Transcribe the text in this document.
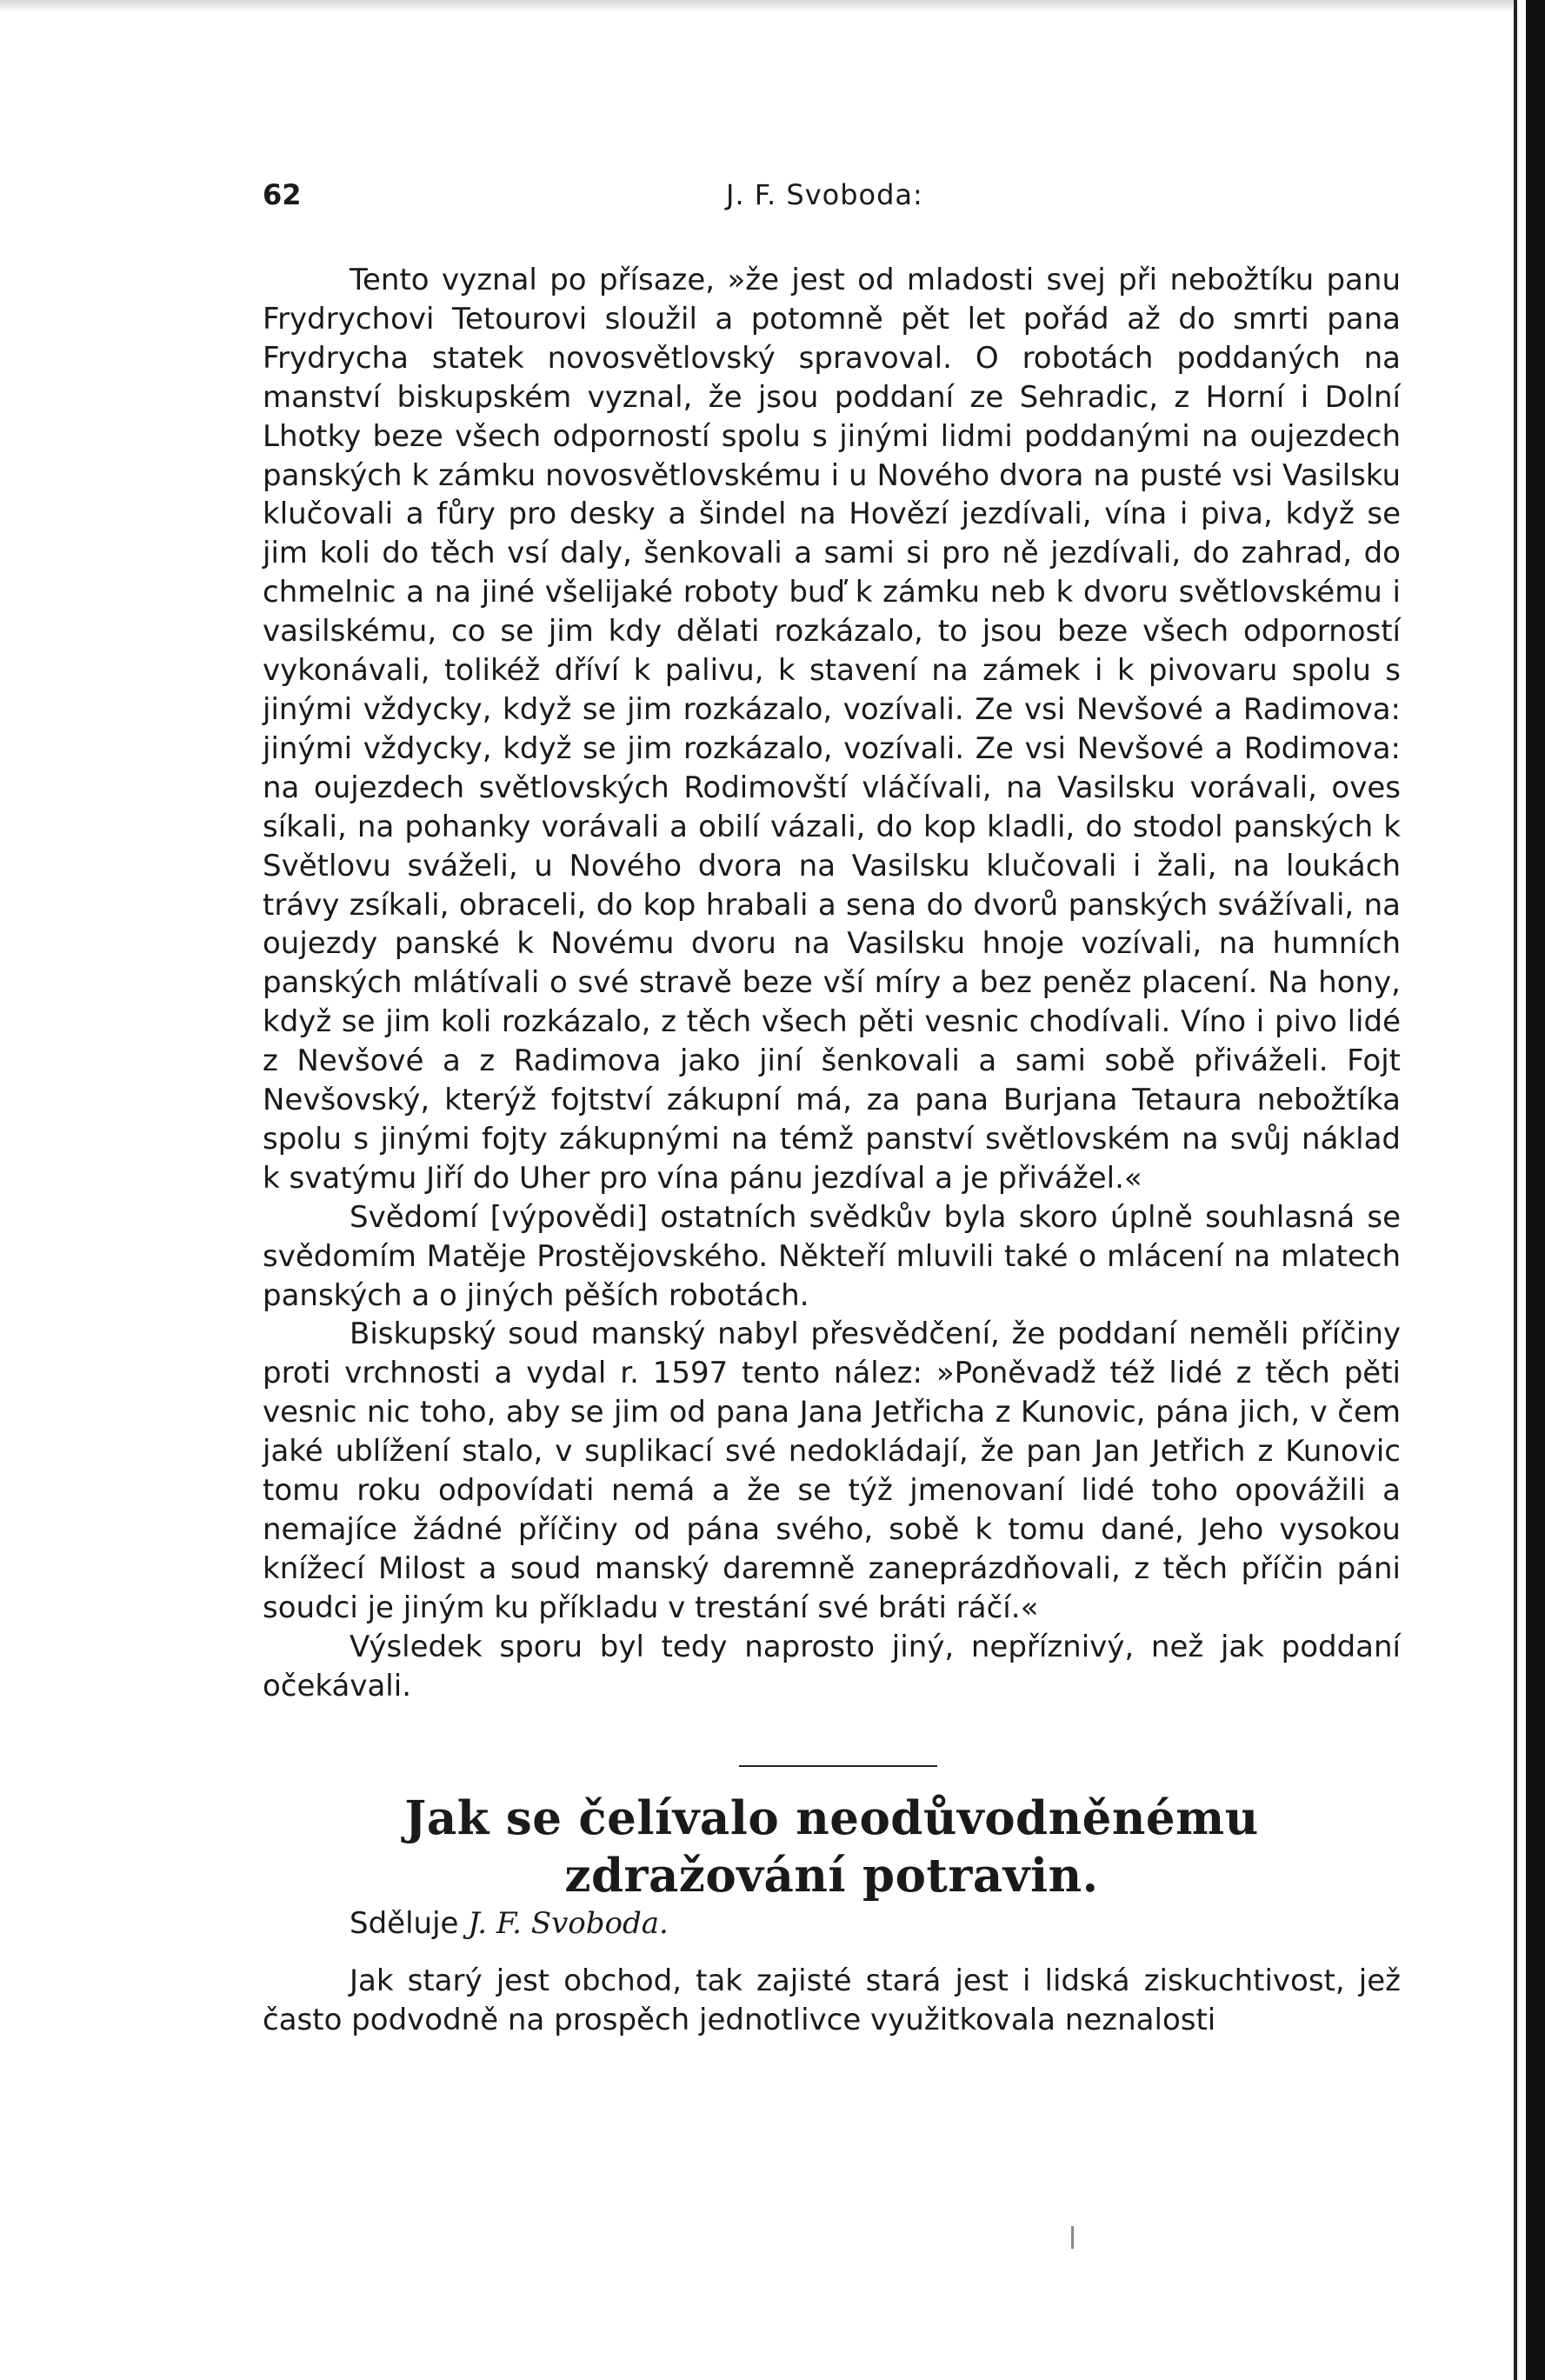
62	J. F. Svoboda:

Tento vyznal po přísaze, »že jest od mladosti svej při nebožtíku panu Frydrychovi Tetourovi sloužil a potomně pět let pořád až do smrti pana Frydrycha statek novosvětlovský spravoval. O robotách poddaných na manství biskupském vyznal, že jsou poddaní ze Sehradic, z Horní i Dolní Lhotky beze všech odporností spolu s jinými lidmi poddanými na oujezdech panských k zámku novosvětlovskému i u Nového dvora na pusté vsi Vasilsku klučovali a fůry pro desky a šindel na Hovězí jezdívali, vína i piva, když se jim koli do těch vsí daly, šenkovali a sami si pro ně jezdívali, do zahrad, do chmelnic a na jiné všelijaké roboty buď k zámku neb k dvoru světlovskému i vasilskému, co se jim kdy dělati rozkázalo, to jsou beze všech odporností vykonávali, tolikéž dříví k palivu, k stavení na zámek i k pivovaru spolu s jinými vždycky, když se jim rozkázalo, vozívali. Ze vsi Nevšové a Radimova: jinými vždycky, když se jim rozkázalo, vozívali. Ze vsi Nevšové a Rodimova: na oujezdech světlovských Rodimovští vláčívali, na Vasilsku vorávali, oves síkali, na pohanky vorávali a obilí vázali, do kop kladli, do stodol panských k Světlovu sváželi, u Nového dvora na Vasilsku klučovali i žali, na loukách trávy zsíkali, obraceli, do kop hrabali a sena do dvorů panských svážívali, na oujezdy panské k Novému dvoru na Vasilsku hnoje vozívali, na humních panských mlátívali o své stravě beze vší míry a bez peněz placení. Na hony, když se jim koli rozkázalo, z těch všech pěti vesnic chodívali. Víno i pivo lidé z Nevšové a z Radimova jako jiní šenkovali a sami sobě přiváželi. Fojt Nevšovský, kterýž fojtství zákupní má, za pana Burjana Tetaura nebožtíka spolu s jinými fojty zákupnými na témž panství světlovském na svůj náklad k svatýmu Jiří do Uher pro vína pánu jezdíval a je přivážel.«

Svědomí [výpovědi] ostatních svědkův byla skoro úplně souhlasná se svědomím Matěje Prostějovského. Někteří mluvili také o mlácení na mlatech panských a o jiných pěších robotách.

Biskupský soud manský nabyl přesvědčení, že poddaní neměli příčiny proti vrchnosti a vydal r. 1597 tento nález: »Poněvadž též lidé z těch pěti vesnic nic toho, aby se jim od pana Jana Jetřicha z Kunovic, pána jich, v čem jaké ublížení stalo, v suplikací své nedokládají, že pan Jan Jetřich z Kunovic tomu roku odpovídati nemá a že se týž jmenovaní lidé toho opovážili a nemajíce žádné příčiny od pána svého, sobě k tomu dané, Jeho vysokou knížecí Milost a soud manský daremně zaneprázdňovali, z těch příčin páni soudci je jiným ku příkladu v trestání své bráti ráčí.«

Výsledek sporu byl tedy naprosto jiný, nepříznivý, než jak poddaní očekávali.

Jak se čelívalo neodůvodněnému
zdražování potravin.

Sděluje J. F. Svoboda.

Jak starý jest obchod, tak zajisté stará jest i lidská ziskuchtivost, jež často podvodně na prospěch jednotlivce využitkovala neznalosti
